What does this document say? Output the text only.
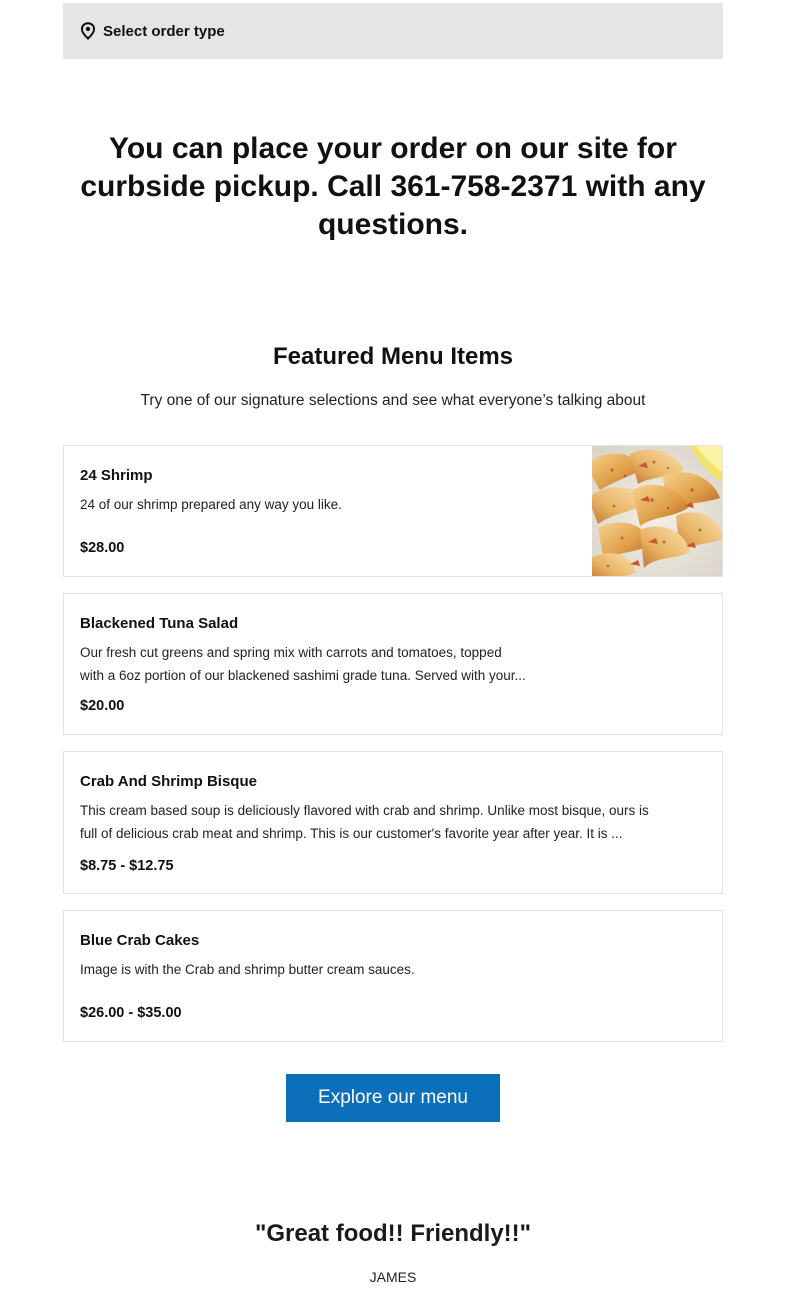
Select order type
You can place your order on our site for
curbside pickup. Call 361-758-2371 with any
questions.
Featured Menu Items

Try one of our signature selections and see what everyone’s talking about

24 Shrimp

24 of our shrimp prepared any way you like.

$28.00

Blackened Tuna Salad

Our fresh cut greens and spring mix with carrots and tomatoes, topped

with a 6oz portion of our blackened sashimi grade tuna. Served with your...

$20.00

Crab And Shrimp Bisque

This cream based soup is deliciously flavored with crab and shrimp. Unlike most bisque, ours is

full of delicious crab meat and shrimp. This is our customer's favorite year after year. It is ...

$8.75 - $12.75

Blue Crab Cakes

Image is with the Crab and shrimp butter cream sauces.

$26.00 - $35.00

Explore our menu

"Great food!! Friendly!!"

JAMES
